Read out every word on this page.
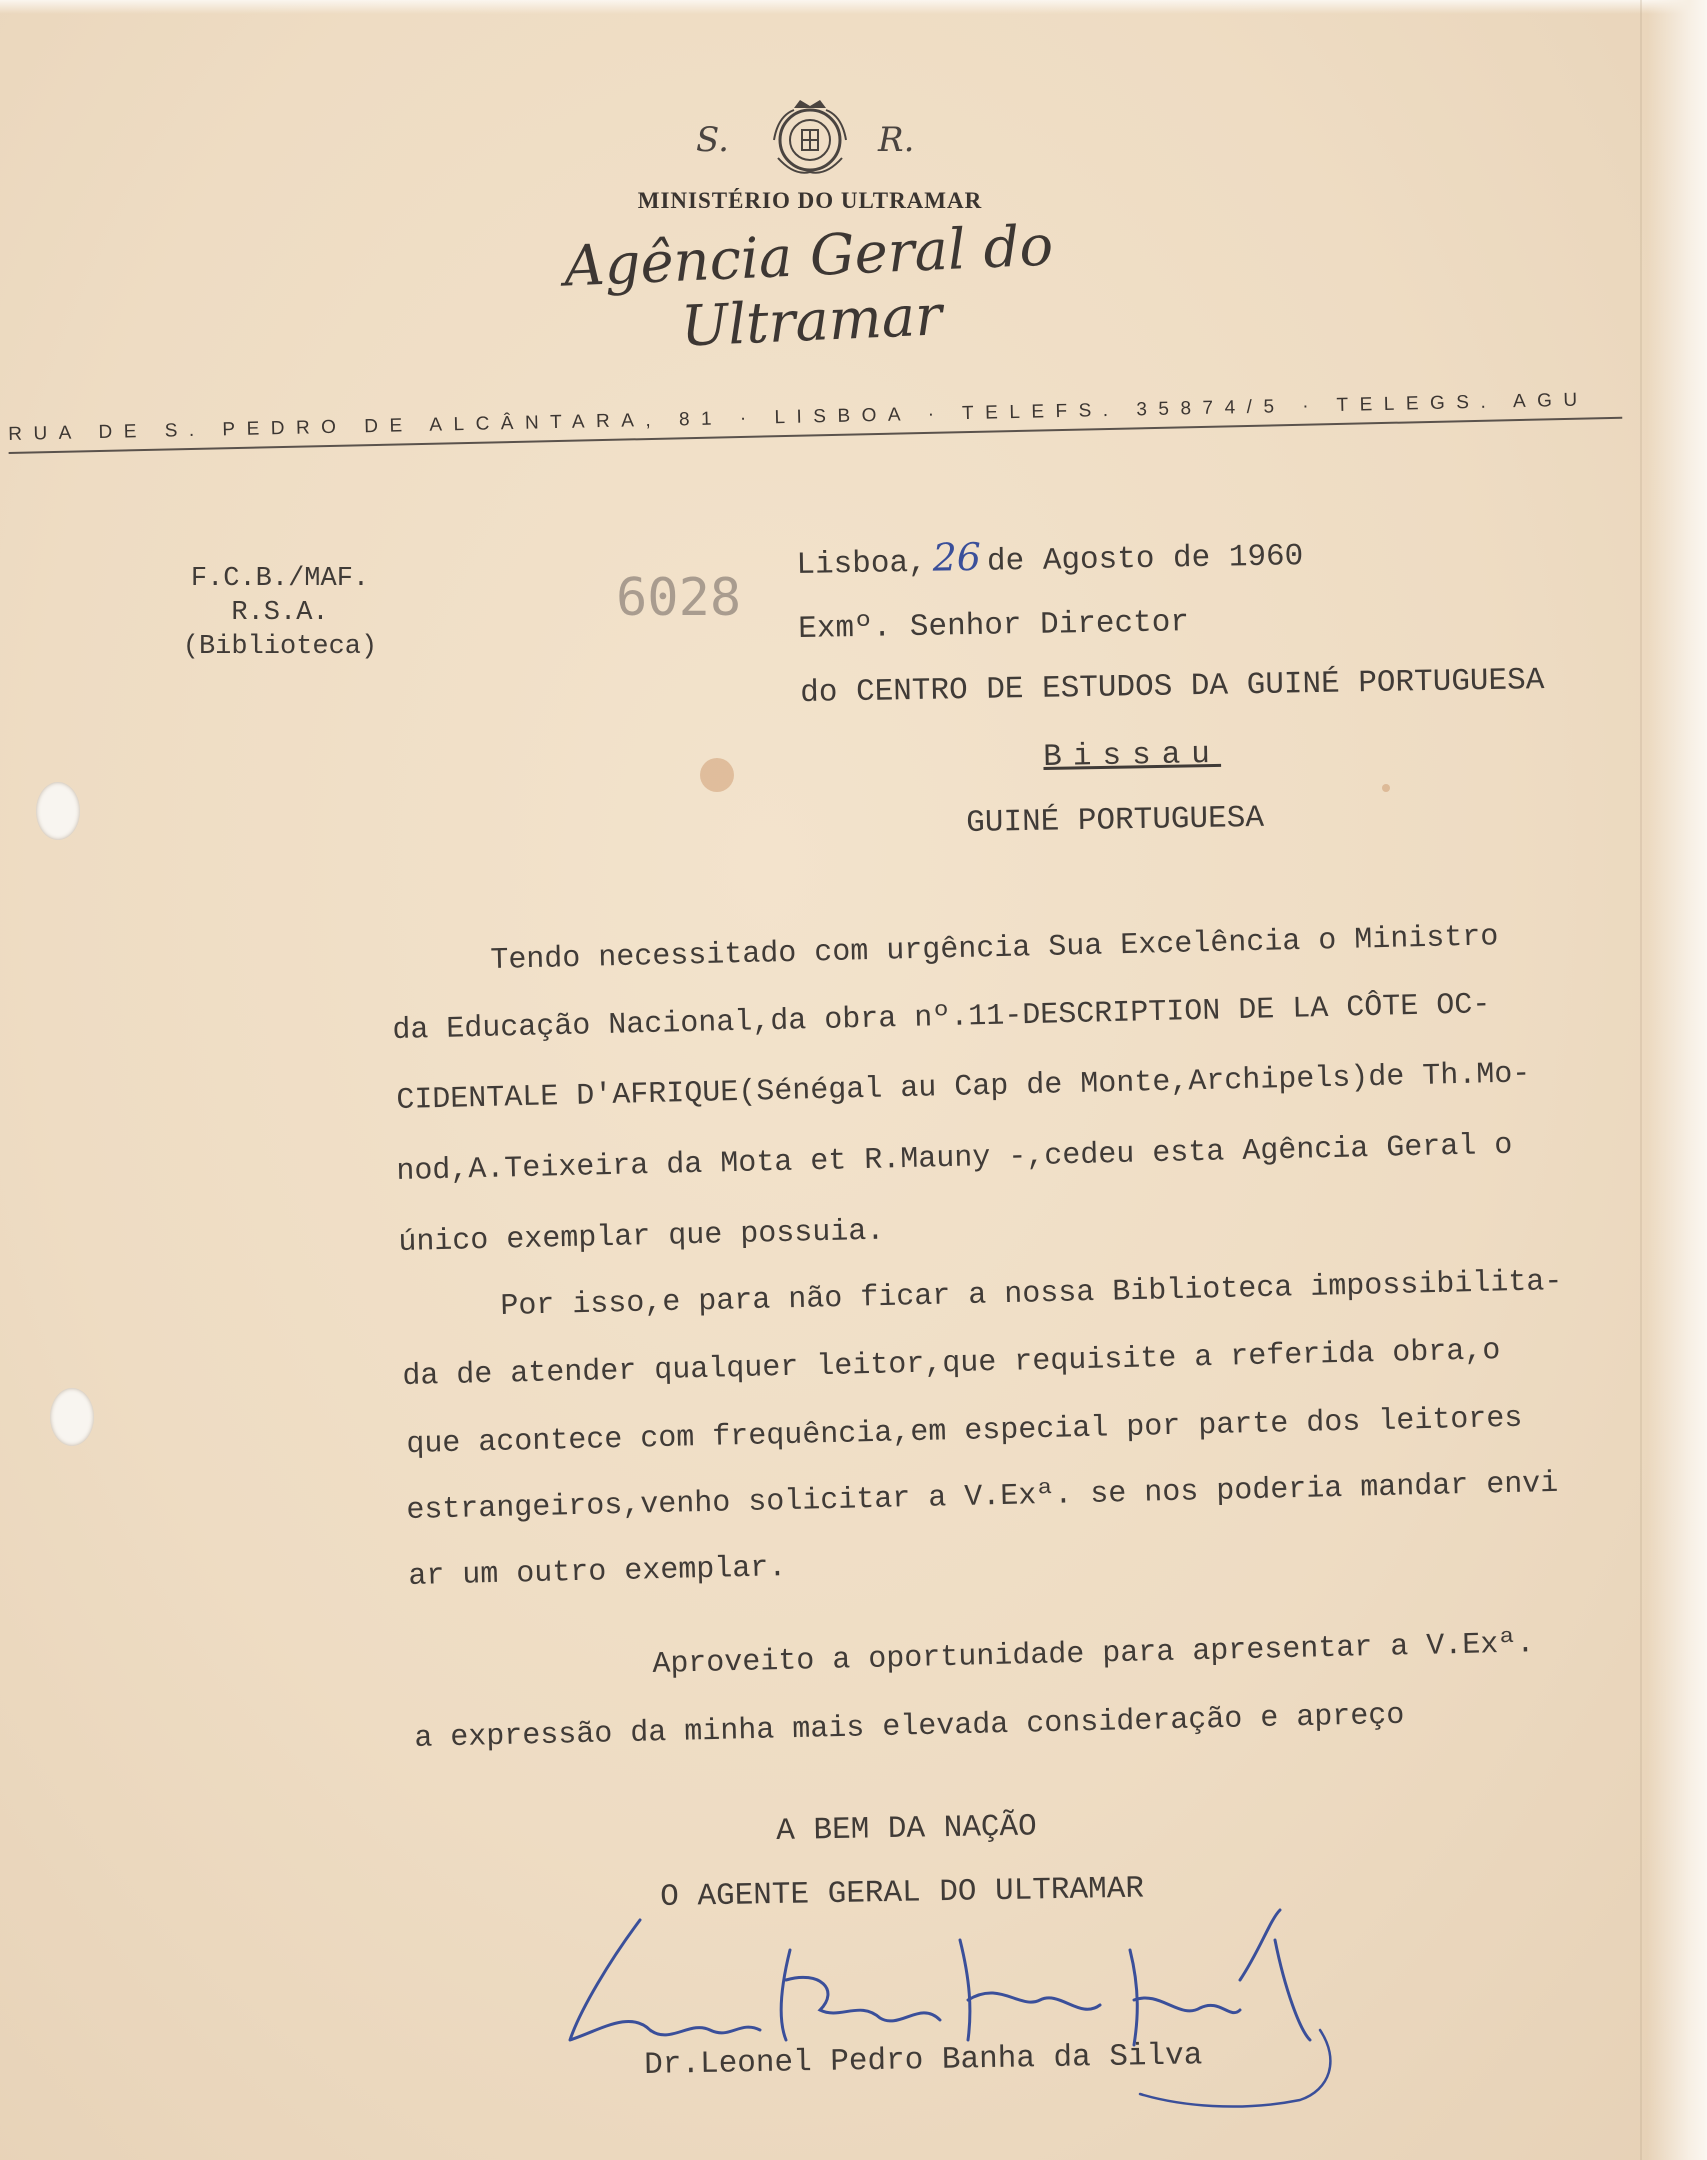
S.	R.
MINISTÉRIO DO ULTRAMAR
Agência Geral do Ultramar
RUA DE S. PEDRO DE ALCÂNTARA, 81 · LISBOA · TELEFS. 35874/5 · TELEGS. AGU
F.C.B./MAF.
R.S.A.
(Biblioteca)
6028
Lisboa, 26 de Agosto de 1960
Exmº. Senhor Director
do CENTRO DE ESTUDOS DA GUINÉ PORTUGUESA
Bissau
GUINÉ PORTUGUESA
Tendo necessitado com urgência Sua Excelência o Ministro
da Educação Nacional,da obra nº.11-DESCRIPTION DE LA CÔTE OC-
CIDENTALE D'AFRIQUE(Sénégal au Cap de Monte,Archipels)de Th.Mo-
nod,A.Teixeira da Mota et R.Mauny -,cedeu esta Agência Geral o
único exemplar que possuia.
Por isso,e para não ficar a nossa Biblioteca impossibilita-
da de atender qualquer leitor,que requisite a referida obra,o
que acontece com frequência,em especial por parte dos leitores
estrangeiros,venho solicitar a V.Exª. se nos poderia mandar envi
ar um outro exemplar.
Aproveito a oportunidade para apresentar a V.Exª.
a expressão da minha mais elevada consideração e apreço
A BEM DA NAÇÃO
O AGENTE GERAL DO ULTRAMAR
Dr.Leonel Pedro Banha da Silva
